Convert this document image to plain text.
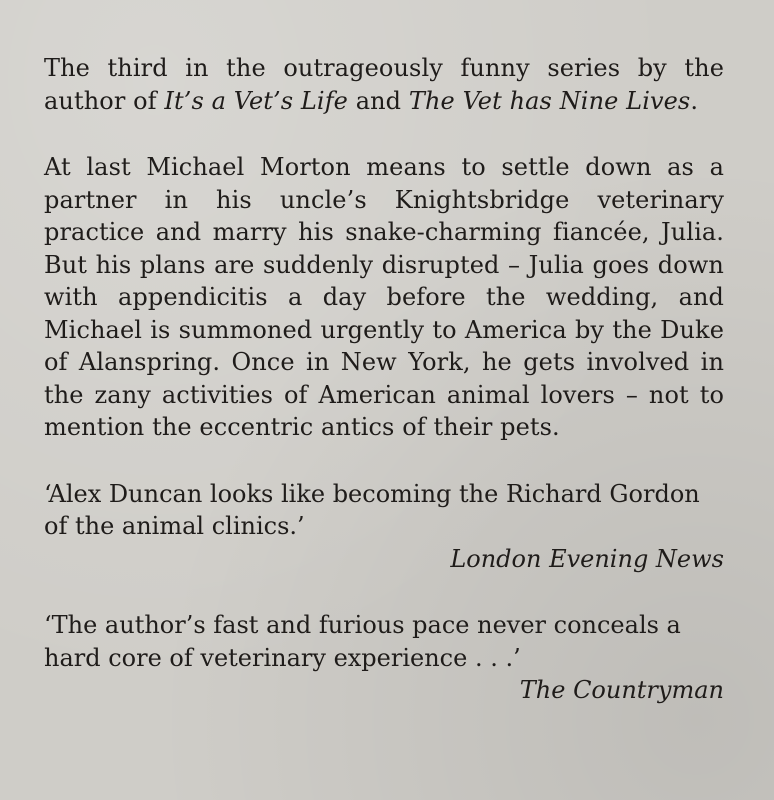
The third in the outrageously funny series by the author of It’s a Vet’s Life and The Vet has Nine Lives.

At last Michael Morton means to settle down as a partner in his uncle’s Knightsbridge veterinary practice and marry his snake-charming fiancée, Julia. But his plans are suddenly disrupted – Julia goes down with appendicitis a day before the wedding, and Michael is summoned urgently to America by the Duke of Alanspring. Once in New York, he gets involved in the zany activities of American animal lovers – not to mention the eccentric antics of their pets.

‘Alex Duncan looks like becoming the Richard Gordon of the animal clinics.’

London Evening News

‘The author’s fast and furious pace never conceals a hard core of veterinary experience . . .’

The Countryman
